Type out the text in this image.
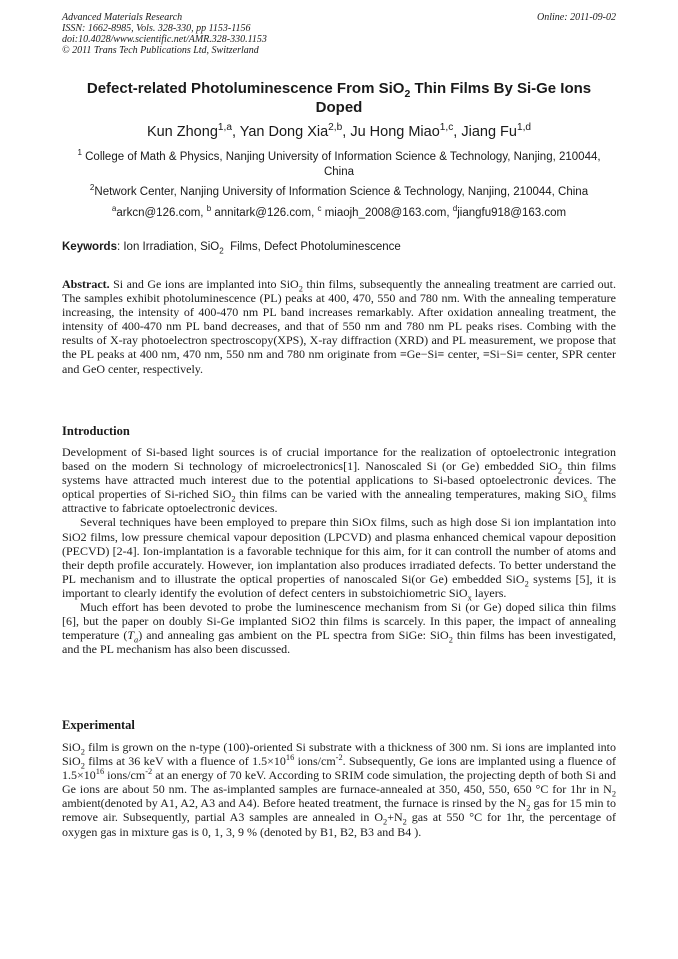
Advanced Materials Research
ISSN: 1662-8985, Vols. 328-330, pp 1153-1156
doi:10.4028/www.scientific.net/AMR.328-330.1153
© 2011 Trans Tech Publications Ltd, Switzerland
Online: 2011-09-02
Defect-related Photoluminescence From SiO$_2$ Thin Films By Si-Ge Ions Doped
Kun Zhong$^{1,a}$, Yan Dong Xia$^{2,b}$, Ju Hong Miao$^{1,c}$, Jiang Fu$^{1,d}$
$^1$ College of Math & Physics, Nanjing University of Information Science & Technology, Nanjing, 210044, China
$^2$Network Center, Nanjing University of Information Science & Technology, Nanjing, 210044, China
$^a$arkcn@126.com, $^b$ annitark@126.com, $^c$ miaojh_2008@163.com, $^d$jiangfu918@163.com
Keywords: Ion Irradiation, SiO$_2$  Films, Defect Photoluminescence
Abstract. Si and Ge ions are implanted into SiO$_2$ thin films, subsequently the annealing treatment are carried out. The samples exhibit photoluminescence (PL) peaks at 400, 470, 550 and 780 nm. With the annealing temperature increasing, the intensity of 400-470 nm PL band increases remarkably. After oxidation annealing treatment, the intensity of 400-470 nm PL band decreases, and that of 550 nm and 780 nm PL peaks rises. Combing with the results of X-ray photoelectron spectroscopy(XPS), X-ray diffraction (XRD) and PL measurement, we propose that the PL peaks at 400 nm, 470 nm, 550 nm and 780 nm originate from ≡Ge−Si≡ center, ≡Si−Si≡ center, SPR center and GeO center, respectively.
Introduction

Development of Si-based light sources is of crucial importance for the realization of optoelectronic integration based on the modern Si technology of microelectronics[1]. Nanoscaled Si (or Ge) embedded SiO$_2$ thin films systems have attracted much interest due to the potential applications to Si-based optoelectronic devices. The optical properties of Si-riched SiO$_2$ thin films can be varied with the annealing temperatures, making SiO$_x$ films attractive to fabricate optoelectronic devices.

Several techniques have been employed to prepare thin SiOx films, such as high dose Si ion implantation into SiO2 films, low pressure chemical vapour deposition (LPCVD) and plasma enhanced chemical vapour deposition (PECVD) [2-4]. Ion-implantation is a favorable technique for this aim, for it can controll the number of atoms and their depth profile accurately. However, ion implantation also produces irradiated defects. To better understand the PL mechanism and to illustrate the optical properties of nanoscaled Si(or Ge) embedded SiO$_2$ systems [5], it is important to clearly identify the evolution of defect centers in substoichiometric SiO$_x$ layers.

Much effort has been devoted to probe the luminescence mechanism from Si (or Ge) doped silica thin films [6], but the paper on doubly Si-Ge implanted SiO2 thin films is scarcely. In this paper, the impact of annealing temperature $(T_a)$ and annealing gas ambient on the PL spectra from SiGe: SiO$_2$ thin films has been investigated, and the PL mechanism has also been discussed.

Experimental

SiO$_2$ film is grown on the n-type (100)-oriented Si substrate with a thickness of 300 nm. Si ions are implanted into SiO$_2$ films at 36 keV with a fluence of $1.5\times 10^{16}$ ions/$cm^{-2}$. Subsequently, Ge ions are implanted using a fluence of $1.5\times 10^{16}$ ions/$cm^{-2}$ at an energy of 70 keV. According to SRIM code simulation, the projecting depth of both Si and Ge ions are about 50 nm. The as-implanted samples are furnace-annealed at 350, 450, 550, 650 °C for 1hr in $N_2$ ambient(denoted by A1, A2, A3 and A4). Before heated treatment, the furnace is rinsed by the $N_2$ gas for 15 min to remove air. Subsequently, partial A3 samples are annealed in $O_2+N_2$ gas at 550 °C for 1hr, the percentage of oxygen gas in mixture gas is 0, 1, 3, 9 % (denoted by B1, B2, B3 and B4 ).
